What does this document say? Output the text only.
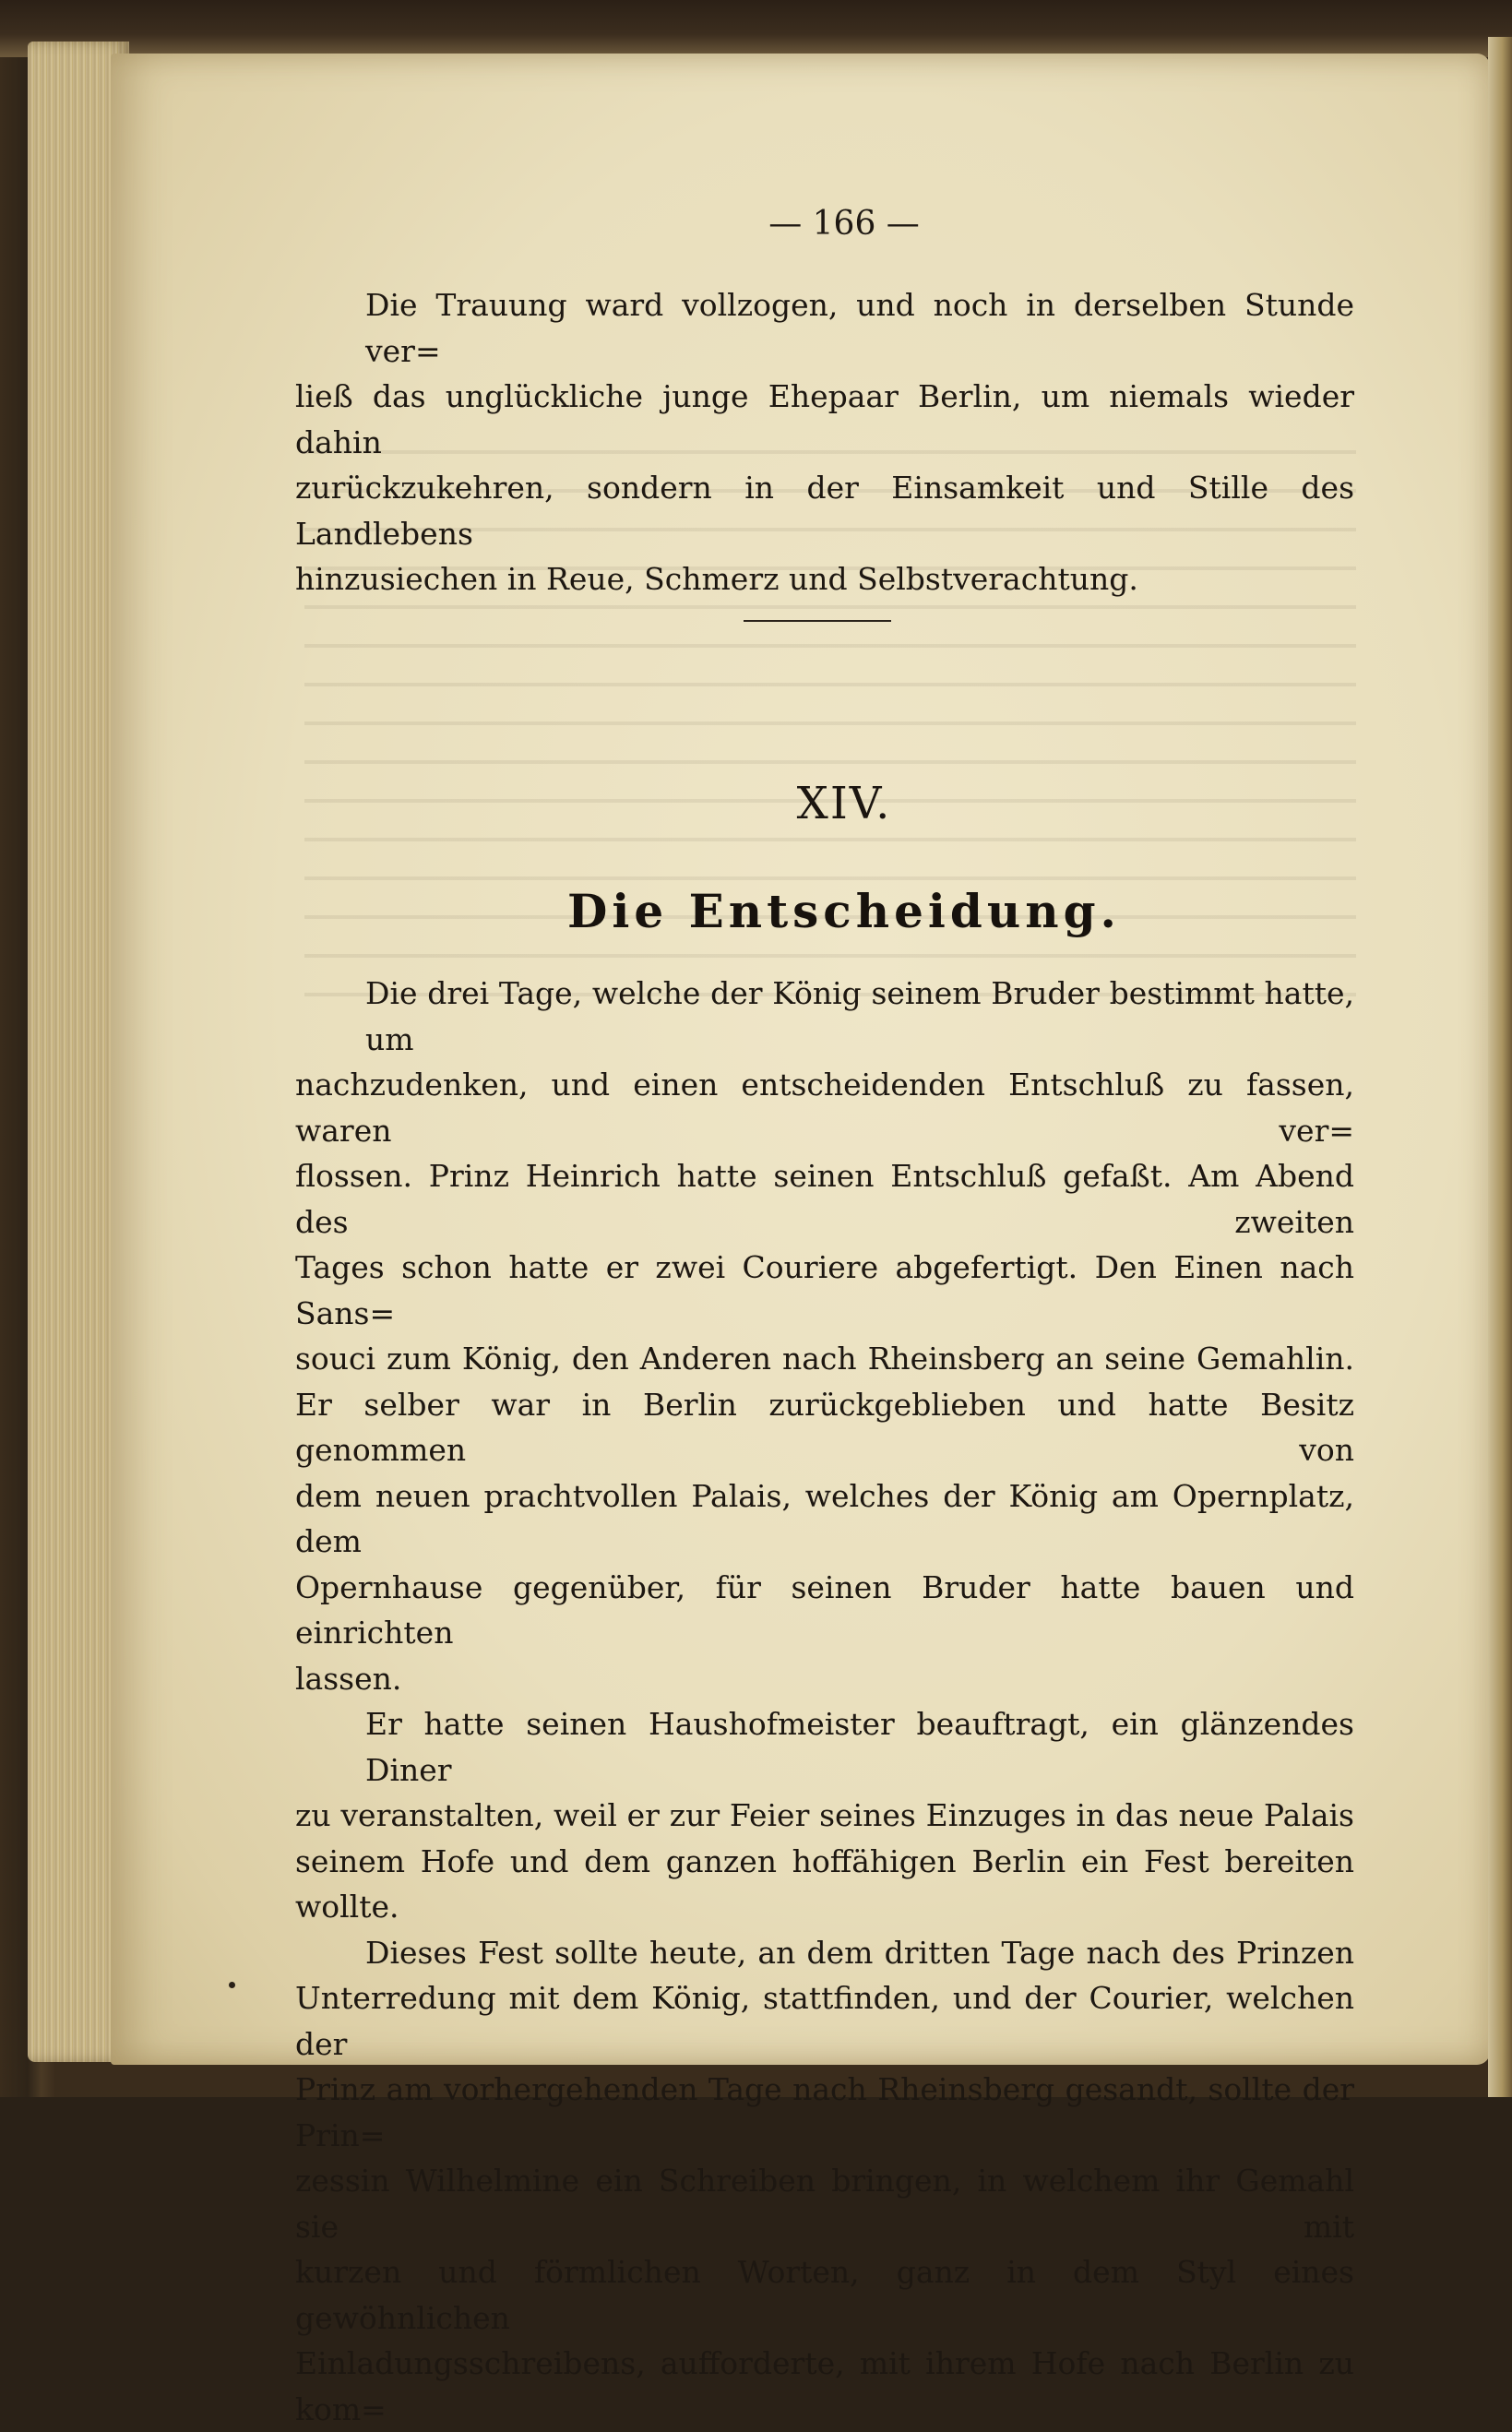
— 166 —

Die Trauung ward vollzogen, und noch in derselben Stunde ver=
ließ das unglückliche junge Ehepaar Berlin, um niemals wieder dahin
zurückzukehren, sondern in der Einsamkeit und Stille des Landlebens
hinzusiechen in Reue, Schmerz und Selbstverachtung.

XIV.
Die Entscheidung.

Die drei Tage, welche der König seinem Bruder bestimmt hatte, um
nachzudenken, und einen entscheidenden Entschluß zu fassen, waren ver=
flossen. Prinz Heinrich hatte seinen Entschluß gefaßt. Am Abend des zweiten
Tages schon hatte er zwei Couriere abgefertigt. Den Einen nach Sans=
souci zum König, den Anderen nach Rheinsberg an seine Gemahlin.
Er selber war in Berlin zurückgeblieben und hatte Besitz genommen von
dem neuen prachtvollen Palais, welches der König am Opernplatz, dem
Opernhause gegenüber, für seinen Bruder hatte bauen und einrichten
lassen.

Er hatte seinen Haushofmeister beauftragt, ein glänzendes Diner
zu veranstalten, weil er zur Feier seines Einzuges in das neue Palais
seinem Hofe und dem ganzen hoffähigen Berlin ein Fest bereiten
wollte.

Dieses Fest sollte heute, an dem dritten Tage nach des Prinzen
Unterredung mit dem König, stattfinden, und der Courier, welchen der
Prinz am vorhergehenden Tage nach Rheinsberg gesandt, sollte der Prin=
zessin Wilhelmine ein Schreiben bringen, in welchem ihr Gemahl sie mit
kurzen und förmlichen Worten, ganz in dem Styl eines gewöhnlichen
Einladungsschreibens, aufforderte, mit ihrem Hofe nach Berlin zu kom=
